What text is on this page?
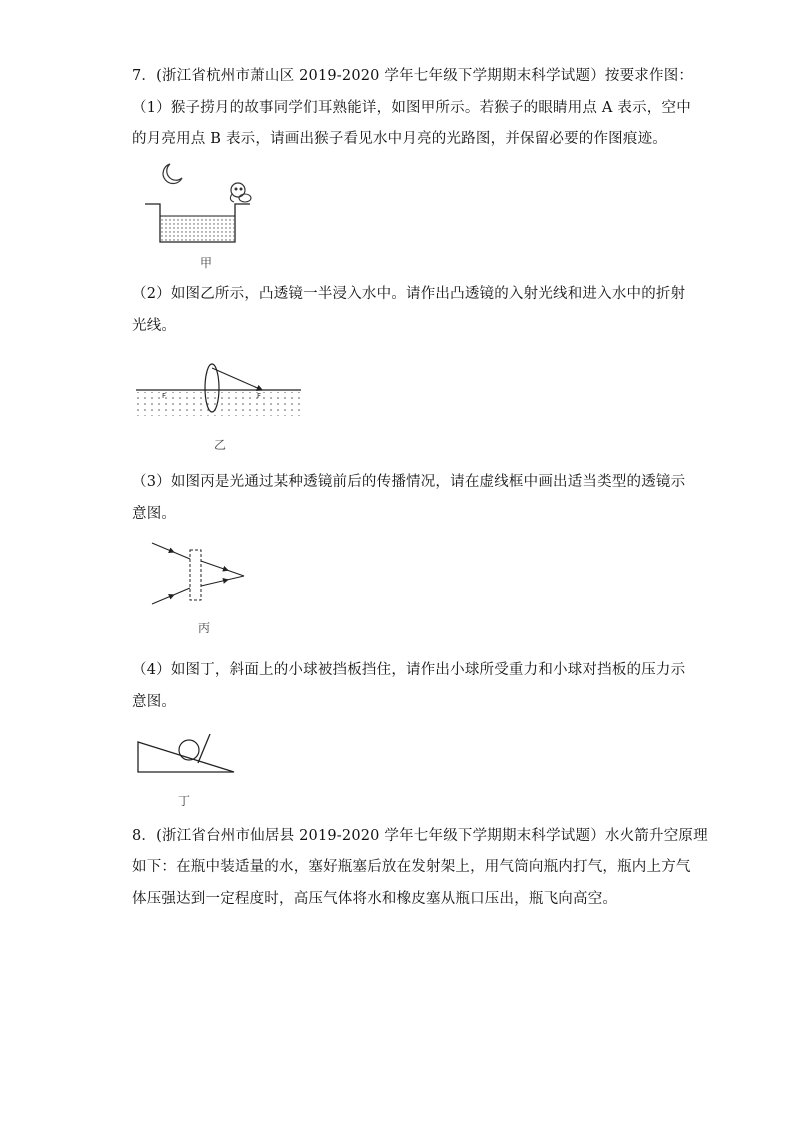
7．(浙江省杭州市萧山区 2019-2020 学年七年级下学期期末科学试题）按要求作图：
（1）猴子捞月的故事同学们耳熟能详，如图甲所示。若猴子的眼睛用点 A 表示，空中
的月亮用点 B 表示，请画出猴子看见水中月亮的光路图，并保留必要的作图痕迹。
甲
（2）如图乙所示，凸透镜一半浸入水中。请作出凸透镜的入射光线和进入水中的折射
光线。
F	F
乙
（3）如图丙是光通过某种透镜前后的传播情况，请在虚线框中画出适当类型的透镜示
意图。
丙
（4）如图丁，斜面上的小球被挡板挡住，请作出小球所受重力和小球对挡板的压力示
意图。
丁
8．(浙江省台州市仙居县 2019-2020 学年七年级下学期期末科学试题）水火箭升空原理
如下：在瓶中装适量的水，塞好瓶塞后放在发射架上，用气筒向瓶内打气，瓶内上方气
体压强达到一定程度时，高压气体将水和橡皮塞从瓶口压出，瓶飞向高空。
